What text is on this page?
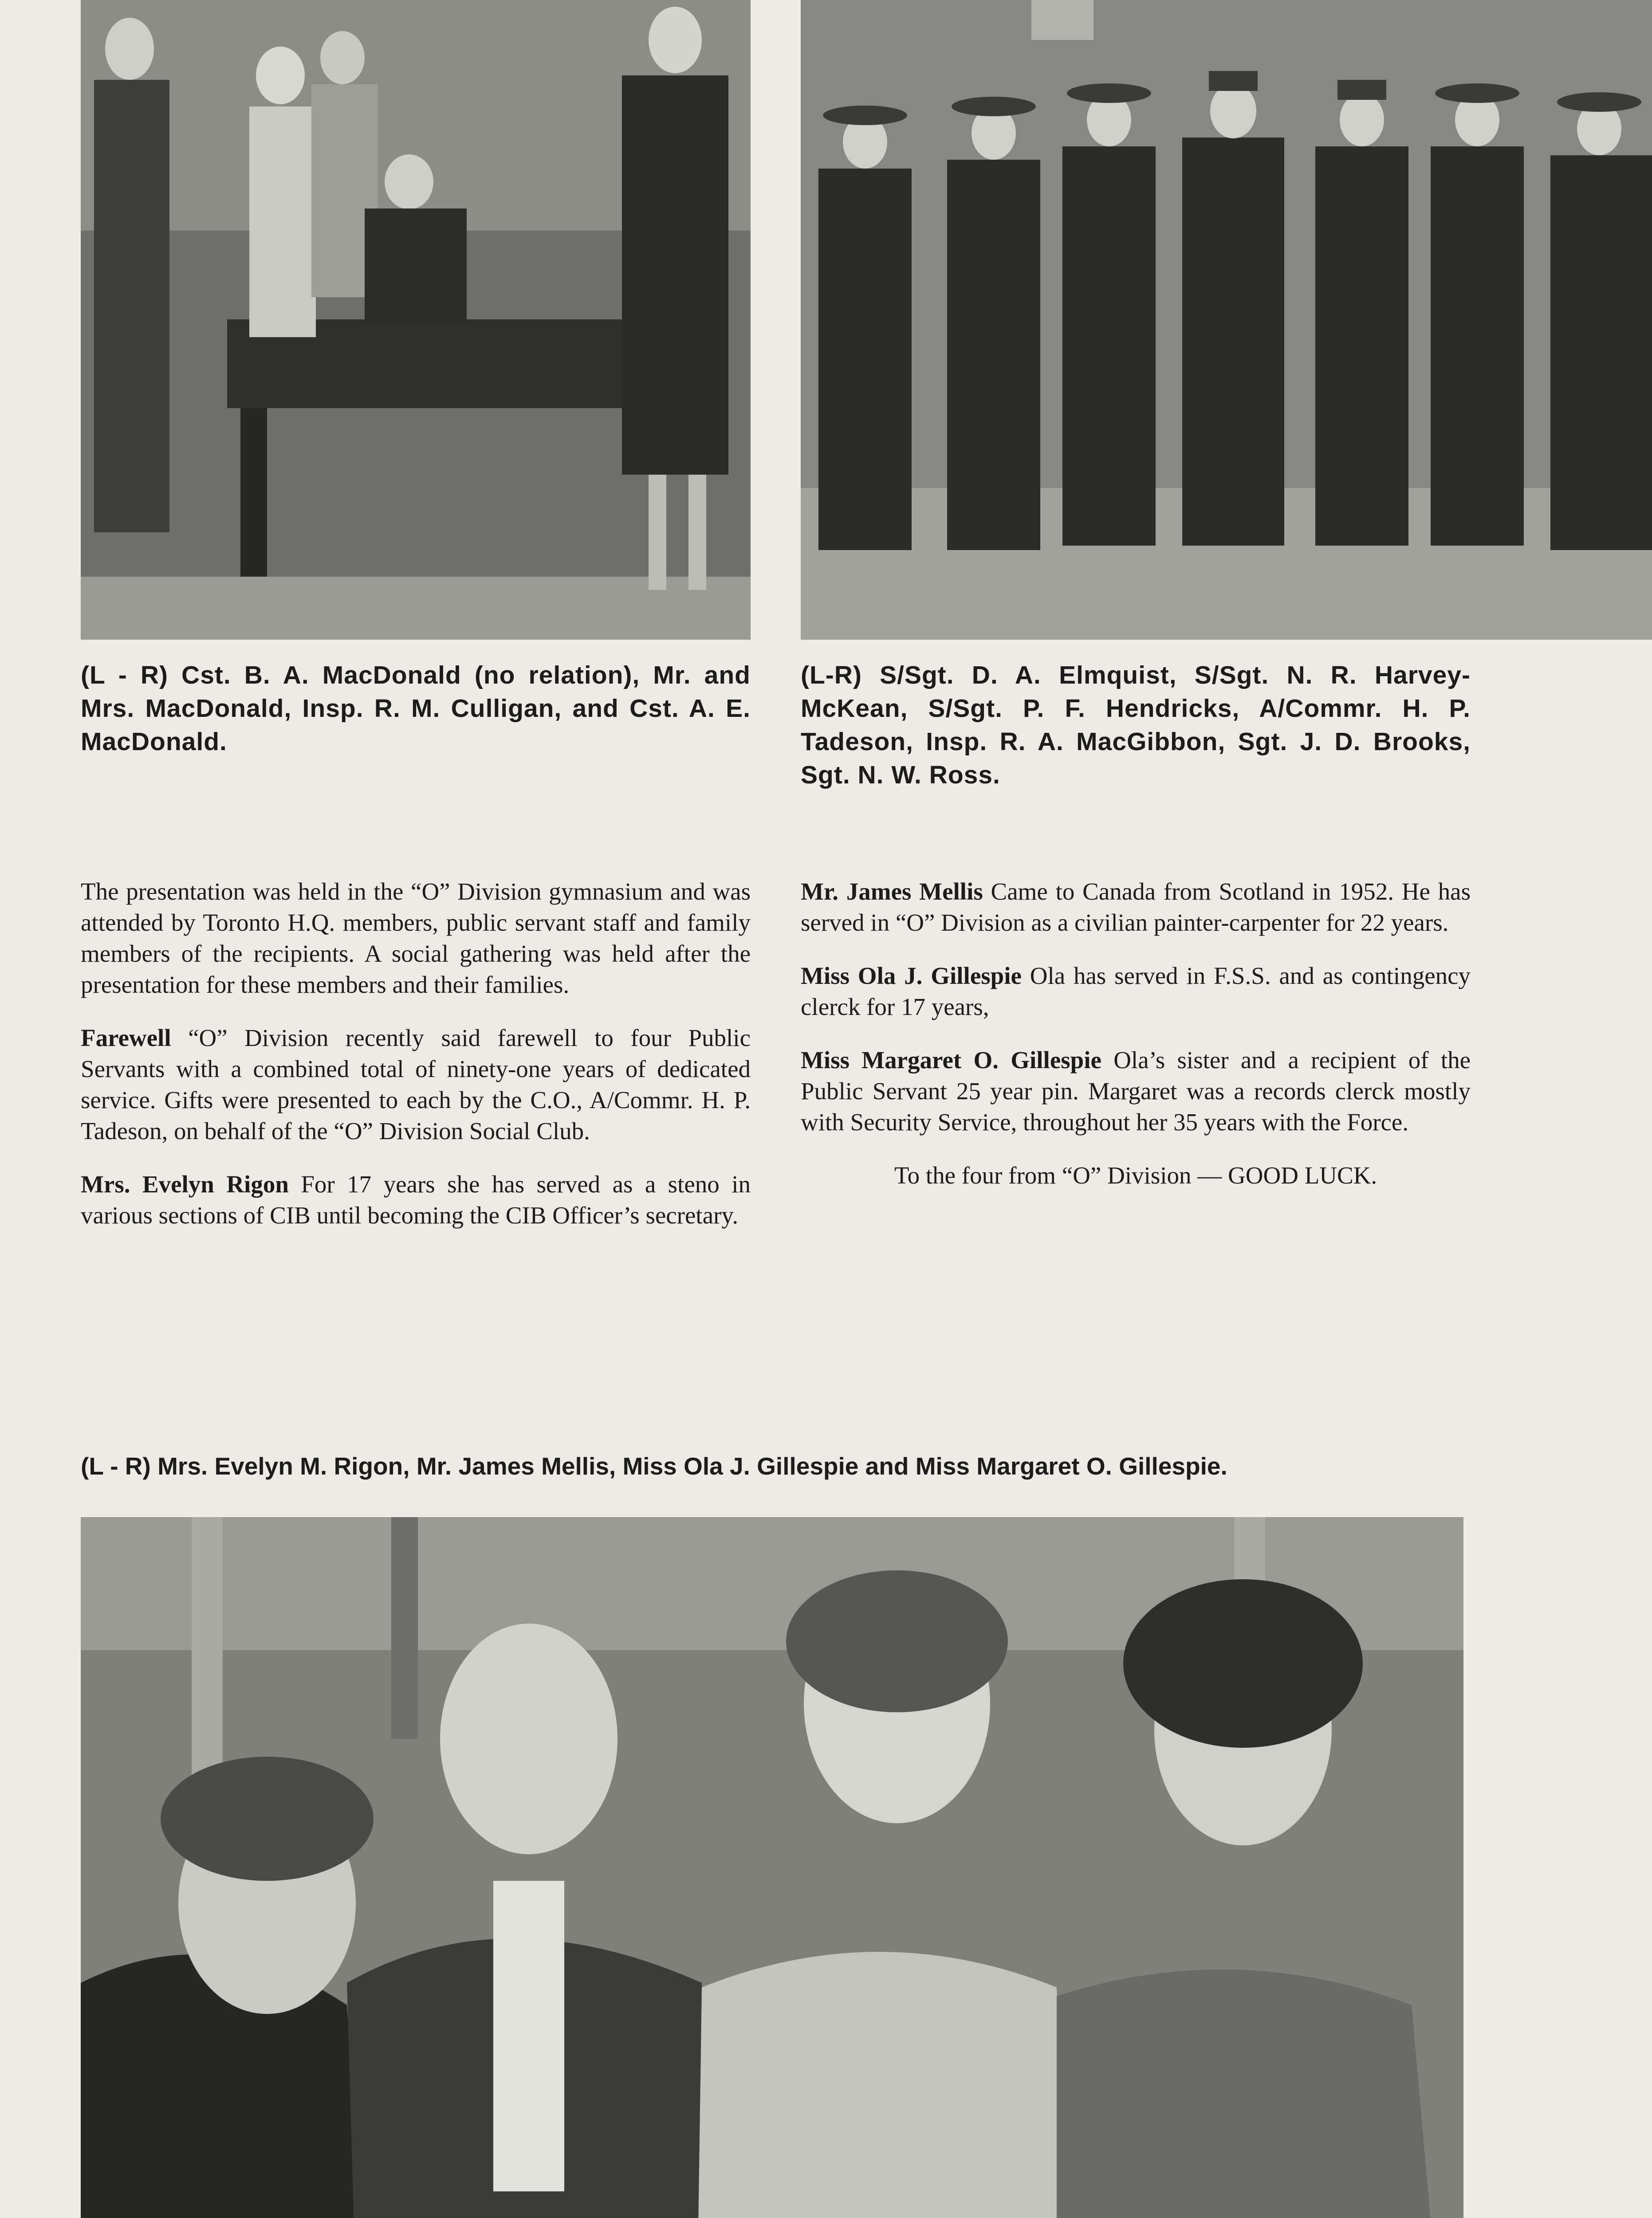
(L - R) Cst. B. A. MacDonald (no relation), Mr. and Mrs. MacDonald, Insp. R. M. Culligan, and Cst. A. E. MacDonald.

(L-R) S/Sgt. D. A. Elmquist, S/Sgt. N. R. Harvey-McKean, S/Sgt. P. F. Hendricks, A/Commr. H. P. Tadeson, Insp. R. A. MacGibbon, Sgt. J. D. Brooks, Sgt. N. W. Ross.

The presentation was held in the “O” Division gymnasium and was attended by Toronto H.Q. members, public servant staff and family members of the recipients. A social gathering was held after the presentation for these members and their families.

Farewell “O” Division recently said farewell to four Public Servants with a combined total of ninety-one years of dedicated service. Gifts were presented to each by the C.O., A/Commr. H. P. Tadeson, on behalf of the “O” Division Social Club.

Mrs. Evelyn Rigon For 17 years she has served as a steno in various sections of CIB until becoming the CIB Officer’s secretary.

Mr. James Mellis Came to Canada from Scotland in 1952. He has served in “O” Division as a civilian painter-carpenter for 22 years.

Miss Ola J. Gillespie Ola has served in F.S.S. and as contingency clerck for 17 years,

Miss Margaret O. Gillespie Ola’s sister and a recipient of the Public Servant 25 year pin. Margaret was a records clerck mostly with Security Service, throughout her 35 years with the Force.

To the four from “O” Division — GOOD LUCK.

(L - R) Mrs. Evelyn M. Rigon, Mr. James Mellis, Miss Ola J. Gillespie and Miss Margaret O. Gillespie.
